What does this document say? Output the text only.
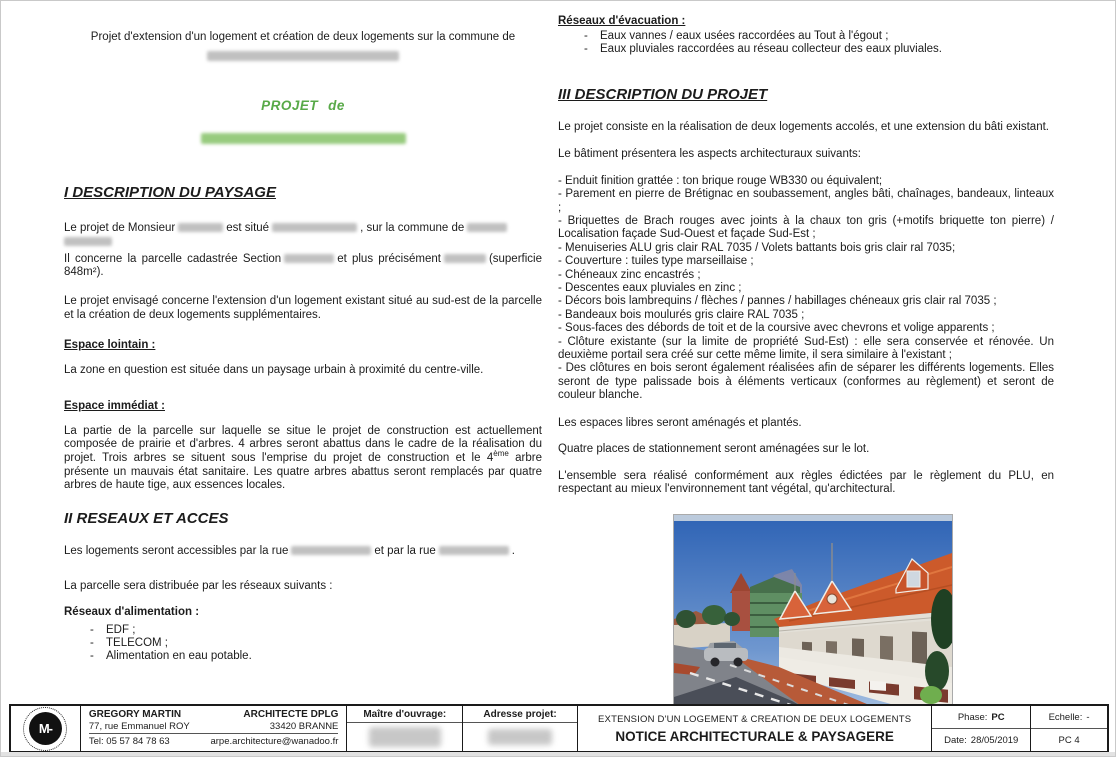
Projet d'extension d'un logement et création de deux logements sur la commune de
PROJET de
I DESCRIPTION DU PAYSAGE
Le projet de Monsieur	est situé	, sur la commune de
Il concerne la parcelle cadastrée Section	et plus précisément	(superficie 848m²).
Le projet envisagé concerne l'extension d'un logement existant situé au sud-est de la parcelle et la création de deux logements supplémentaires.
Espace lointain :
La zone en question est située dans un paysage urbain à proximité du centre-ville.
Espace immédiat :
La partie de la parcelle sur laquelle se situe le projet de construction est actuellement composée de prairie et d'arbres. 4 arbres seront abattus dans le cadre de la réalisation du projet. Trois arbres se situent sous l'emprise du projet de construction et le 4ème arbre présente un mauvais état sanitaire. Les quatre arbres abattus seront remplacés par quatre arbres de haute tige, aux essences locales.
II RESEAUX ET ACCES
Les logements seront accessibles par la rue	et par la rue	.
La parcelle sera distribuée par les réseaux suivants :
Réseaux d'alimentation :
-	EDF ;
-	TELECOM ;
-	Alimentation en eau potable.
Réseaux d'évacuation :
-	Eaux vannes / eaux usées raccordées au Tout à l'égout ;
-	Eaux pluviales raccordées au réseau collecteur des eaux pluviales.
III DESCRIPTION DU PROJET
Le projet consiste en la réalisation de deux logements accolés, et une extension du bâti existant.
Le bâtiment présentera les aspects architecturaux suivants:
- Enduit finition grattée : ton brique rouge WB330 ou équivalent;
- Parement en pierre de Brétignac en soubassement, angles bâti, chaînages, bandeaux, linteaux ;
- Briquettes de Brach rouges avec joints à la chaux ton gris (+motifs briquette ton pierre) / Localisation façade Sud-Ouest et façade Sud-Est ;
- Menuiseries ALU gris clair RAL 7035 / Volets battants bois gris clair ral 7035;
- Couverture : tuiles type marseillaise ;
- Chéneaux zinc encastrés ;
- Descentes eaux pluviales en zinc ;
- Décors bois lambrequins / flèches / pannes / habillages chéneaux gris clair ral 7035 ;
- Bandeaux bois moulurés gris claire RAL 7035 ;
- Sous-faces des débords de toit et de la coursive avec chevrons et volige apparents ;
- Clôture existante (sur la limite de propriété Sud-Est) : elle sera conservée et rénovée. Un deuxième portail sera créé sur cette même limite, il sera similaire à l'existant ;
- Des clôtures en bois seront également réalisées afin de séparer les différents logements. Elles seront de type palissade bois à éléments verticaux (conformes au règlement) et seront de couleur blanche.
Les espaces libres seront aménagés et plantés.
Quatre places de stationnement seront aménagées sur le lot.
L'ensemble sera réalisé conformément aux règles édictées par le règlement du PLU, en respectant au mieux l'environnement tant végétal, qu'architectural.
M-
GREGORY MARTIN	ARCHITECTE DPLG
77, rue Emmanuel ROY	33420 BRANNE
Tel: 05 57 84 78 63	arpe.architecture@wanadoo.fr
Maître d'ouvrage:	Adresse projet:	EXTENSION D'UN LOGEMENT & CREATION DE DEUX LOGEMENTS
NOTICE ARCHITECTURALE & PAYSAGERE
Phase: PC
Date: 28/05/2019
Echelle: -
PC 4
